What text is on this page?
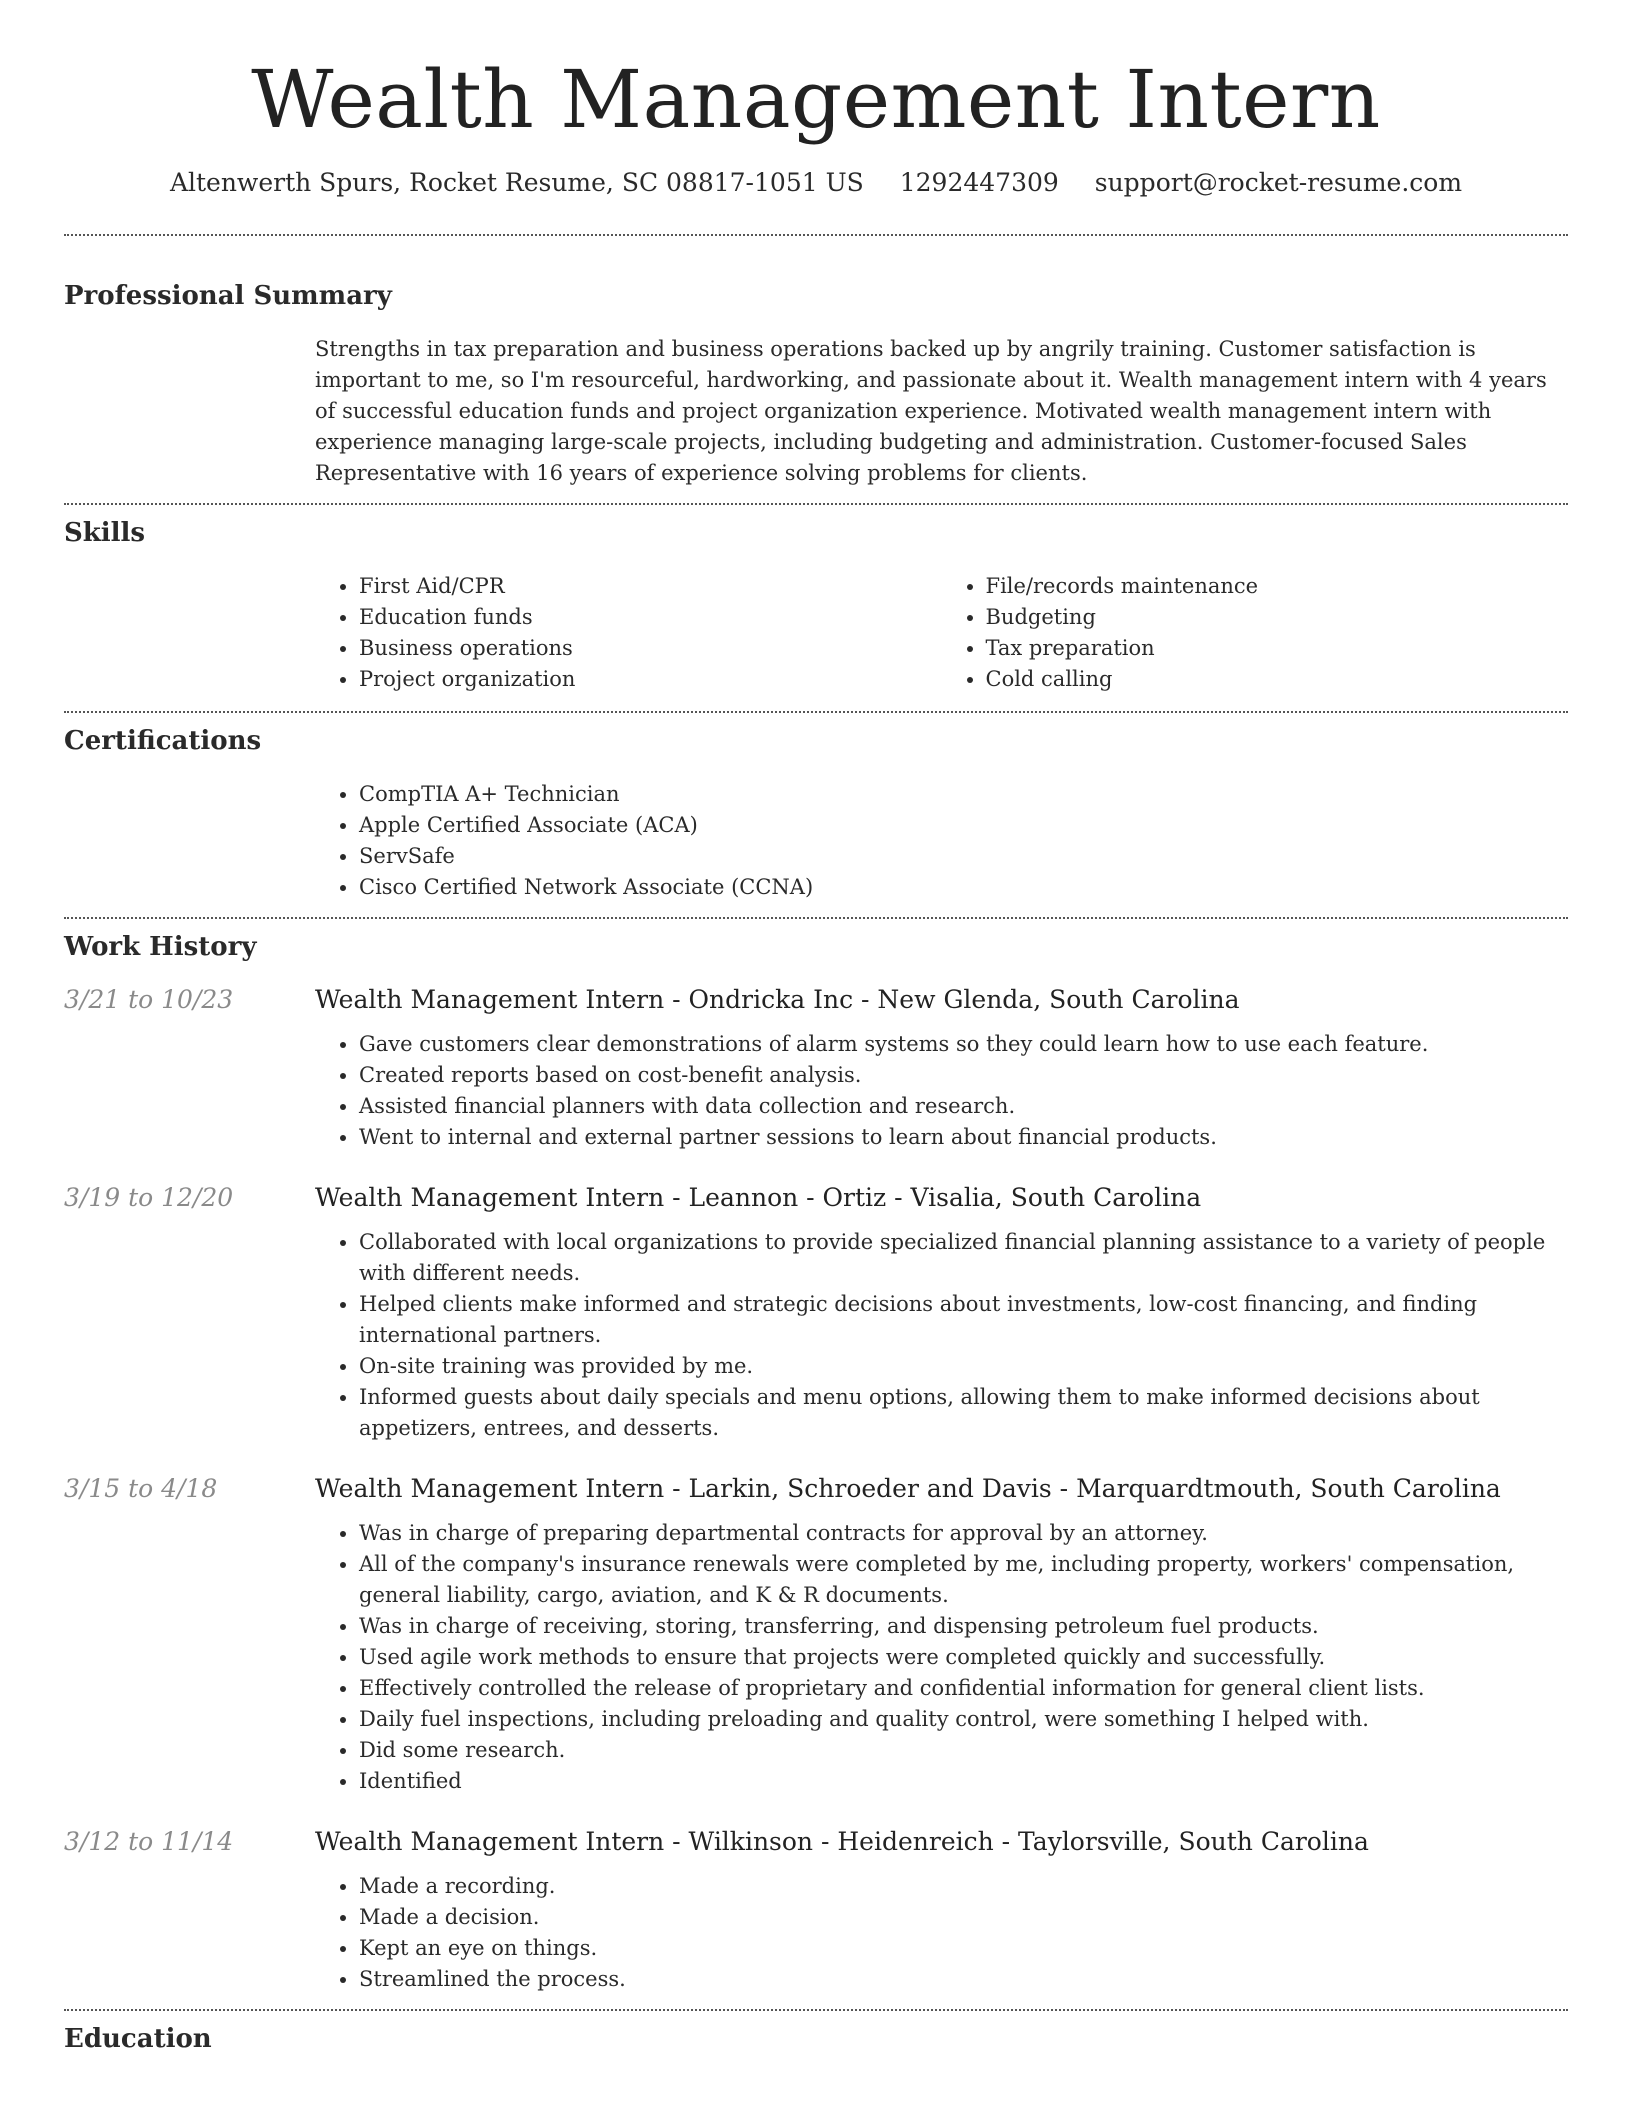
Wealth Management Intern
Altenwerth Spurs, Rocket Resume, SC 08817-1051 US 1292447309 support@rocket-resume.com
Professional Summary

Strengths in tax preparation and business operations backed up by angrily training. Customer satisfaction is important to me, so I'm resourceful, hardworking, and passionate about it. Wealth management intern with 4 years of successful education funds and project organization experience. Motivated wealth management intern with experience managing large-scale projects, including budgeting and administration. Customer-focused Sales Representative with 16 years of experience solving problems for clients.

Skills
• First Aid/CPR
• Education funds
• Business operations
• Project organization
• File/records maintenance
• Budgeting
• Tax preparation
• Cold calling
Certifications
• CompTIA A+ Technician
• Apple Certified Associate (ACA)
• ServSafe
• Cisco Certified Network Associate (CCNA)
Work History
3/21 to 10/23	Wealth Management Intern - Ondricka Inc - New Glenda, South Carolina
• Gave customers clear demonstrations of alarm systems so they could learn how to use each feature.
• Created reports based on cost-benefit analysis.
• Assisted financial planners with data collection and research.
• Went to internal and external partner sessions to learn about financial products.
3/19 to 12/20	Wealth Management Intern - Leannon - Ortiz - Visalia, South Carolina
• Collaborated with local organizations to provide specialized financial planning assistance to a variety of people with different needs.
• Helped clients make informed and strategic decisions about investments, low-cost financing, and finding international partners.
• On-site training was provided by me.
• Informed guests about daily specials and menu options, allowing them to make informed decisions about appetizers, entrees, and desserts.
3/15 to 4/18	Wealth Management Intern - Larkin, Schroeder and Davis - Marquardtmouth, South Carolina
• Was in charge of preparing departmental contracts for approval by an attorney.
• All of the company's insurance renewals were completed by me, including property, workers' compensation, general liability, cargo, aviation, and K & R documents.
• Was in charge of receiving, storing, transferring, and dispensing petroleum fuel products.
• Used agile work methods to ensure that projects were completed quickly and successfully.
• Effectively controlled the release of proprietary and confidential information for general client lists.
• Daily fuel inspections, including preloading and quality control, were something I helped with.
• Did some research.
• Identified
3/12 to 11/14	Wealth Management Intern - Wilkinson - Heidenreich - Taylorsville, South Carolina
• Made a recording.
• Made a decision.
• Kept an eye on things.
• Streamlined the process.
Education
